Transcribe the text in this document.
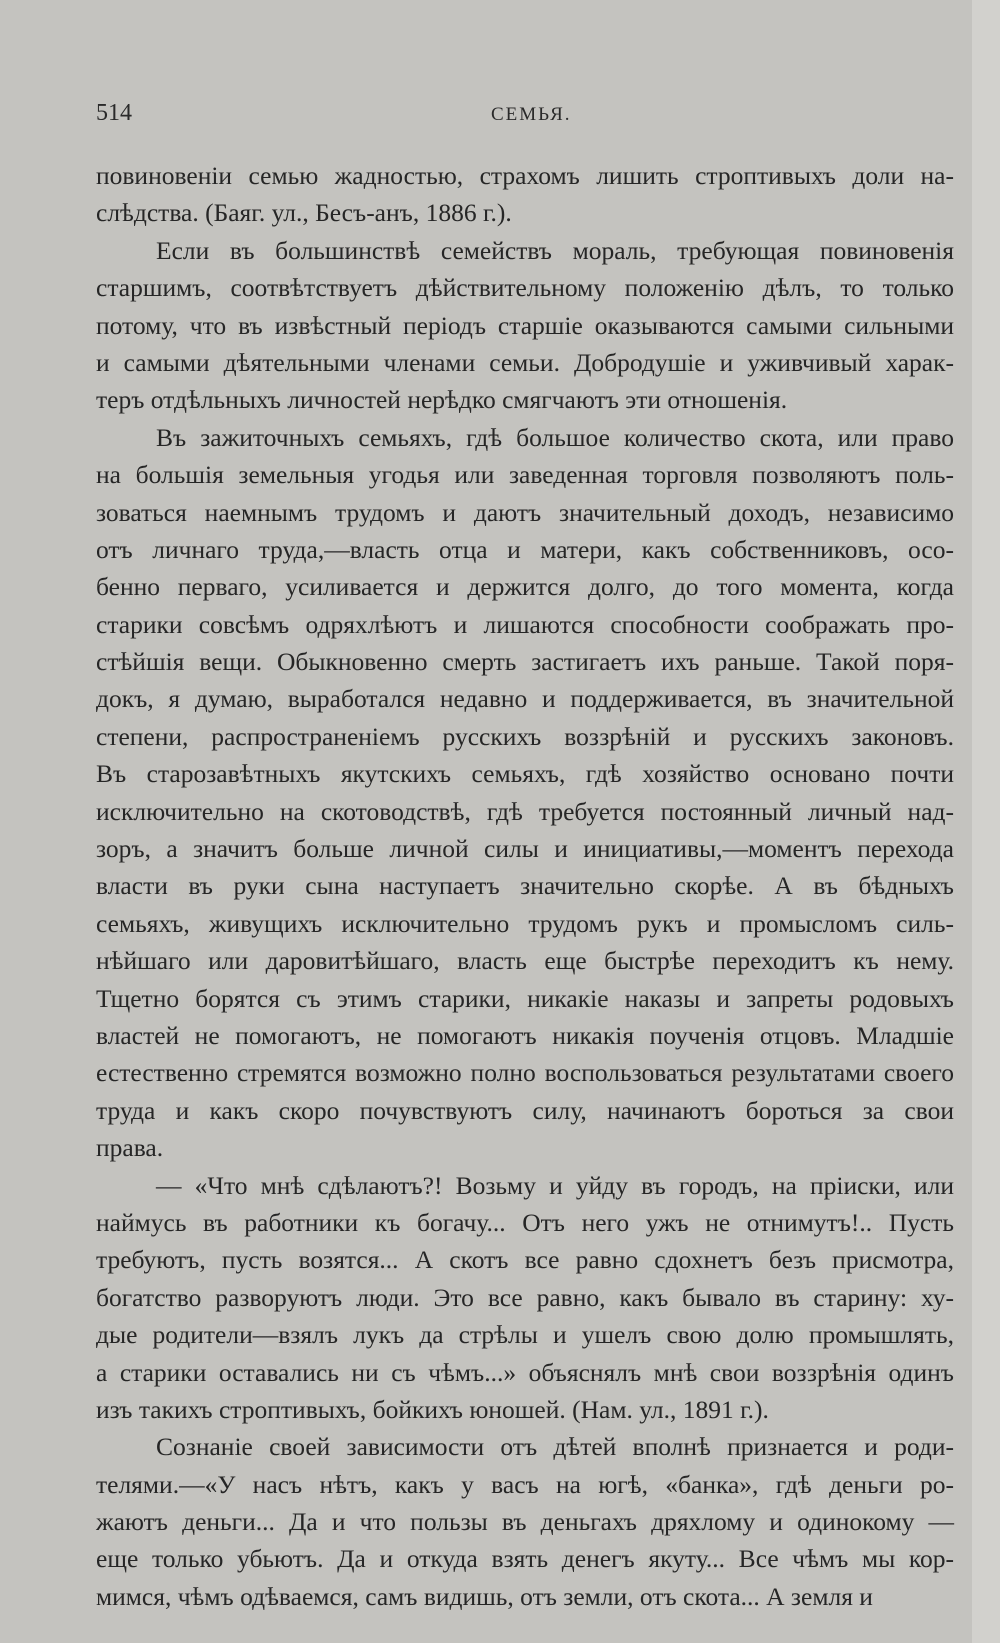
514	СЕМЬЯ.
повиновеніи семью жадностью, страхомъ лишить строптивыхъ доли на-
слѣдства. (Баяг. ул., Бесъ-анъ, 1886 г.).
Если въ большинствѣ семействъ мораль, требующая повиновенія
старшимъ, соотвѣтствуетъ дѣйствительному положенію дѣлъ, то только
потому, что въ извѣстный періодъ старшіе оказываются самыми сильными
и самыми дѣятельными членами семьи. Добродушіе и уживчивый харак-
теръ отдѣльныхъ личностей нерѣдко смягчаютъ эти отношенія.
Въ зажиточныхъ семьяхъ, гдѣ большое количество скота, или право
на большія земельныя угодья или заведенная торговля позволяютъ поль-
зоваться наемнымъ трудомъ и даютъ значительный доходъ, независимо
отъ личнаго труда,—власть отца и матери, какъ собственниковъ, осо-
бенно перваго, усиливается и держится долго, до того момента, когда
старики совсѣмъ одряхлѣютъ и лишаются способности соображать про-
стѣйшія вещи. Обыкновенно смерть застигаетъ ихъ раньше. Такой поря-
докъ, я думаю, выработался недавно и поддерживается, въ значительной
степени, распространеніемъ русскихъ воззрѣній и русскихъ законовъ.
Въ старозавѣтныхъ якутскихъ семьяхъ, гдѣ хозяйство основано почти
исключительно на скотоводствѣ, гдѣ требуется постоянный личный над-
зоръ, а значитъ больше личной силы и инициативы,—моментъ перехода
власти въ руки сына наступаетъ значительно скорѣе. А въ бѣдныхъ
семьяхъ, живущихъ исключительно трудомъ рукъ и промысломъ силь-
нѣйшаго или даровитѣйшаго, власть еще быстрѣе переходитъ къ нему.
Тщетно борятся съ этимъ старики, никакіе наказы и запреты родовыхъ
властей не помогаютъ, не помогаютъ никакія поученія отцовъ. Младшіе
естественно стремятся возможно полно воспользоваться результатами своего
труда и какъ скоро почувствуютъ силу, начинаютъ бороться за свои
права.
— «Что мнѣ сдѣлаютъ?! Возьму и уйду въ городъ, на пріиски, или
наймусь въ работники къ богачу... Отъ него ужъ не отнимутъ!.. Пусть
требуютъ, пусть возятся... А скотъ все равно сдохнетъ безъ присмотра,
богатство разворуютъ люди. Это все равно, какъ бывало въ старину: ху-
дые родители—взялъ лукъ да стрѣлы и ушелъ свою долю промышлять,
а старики оставались ни съ чѣмъ...» объяснялъ мнѣ свои воззрѣнія одинъ
изъ такихъ строптивыхъ, бойкихъ юношей. (Нам. ул., 1891 г.).
Сознаніе своей зависимости отъ дѣтей вполнѣ признается и роди-
телями.—«У насъ нѣтъ, какъ у васъ на югѣ, «банка», гдѣ деньги ро-
жаютъ деньги... Да и что пользы въ деньгахъ дряхлому и одинокому —
еще только убьютъ. Да и откуда взять денегъ якуту... Все чѣмъ мы кор-
мимся, чѣмъ одѣваемся, самъ видишь, отъ земли, отъ скота... А земля и
